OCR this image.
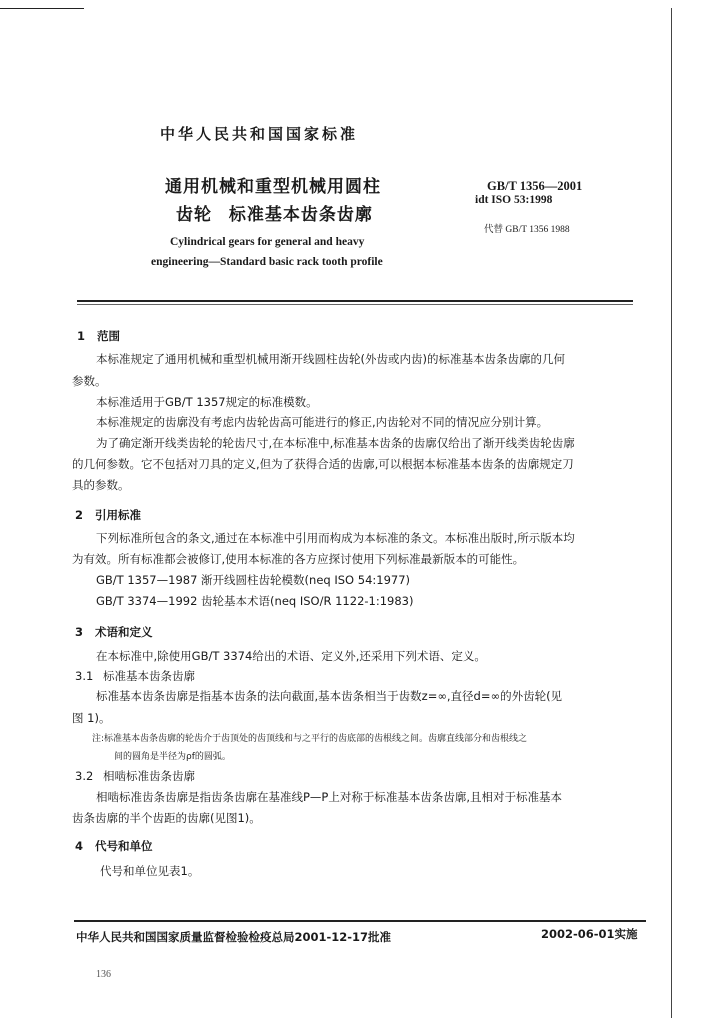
中华人民共和国国家标准
通用机械和重型机械用圆柱
齿轮 标准基本齿条齿廓
GB/T 1356—2001
idt ISO 53:1998
代替 GB/T 1356 1988
Cylindrical gears for general and heavy
engineering—Standard basic rack tooth profile
1 范围
本标准规定了通用机械和重型机械用渐开线圆柱齿轮(外齿或内齿)的标准基本齿条齿廓的几何
参数。
本标准适用于GB/T 1357规定的标准模数。
本标准规定的齿廓没有考虑内齿轮齿高可能进行的修正,内齿轮对不同的情况应分别计算。
为了确定渐开线类齿轮的轮齿尺寸,在本标准中,标准基本齿条的齿廓仅给出了渐开线类齿轮齿廓
的几何参数。它不包括对刀具的定义,但为了获得合适的齿廓,可以根据本标准基本齿条的齿廓规定刀
具的参数。
2 引用标准
下列标准所包含的条文,通过在本标准中引用而构成为本标准的条文。本标准出版时,所示版本均
为有效。所有标准都会被修订,使用本标准的各方应探讨使用下列标准最新版本的可能性。
GB/T 1357—1987 渐开线圆柱齿轮模数(neq ISO 54:1977)
GB/T 3374—1992 齿轮基本术语(neq ISO/R 1122-1:1983)
3 术语和定义
在本标准中,除使用GB/T 3374给出的术语、定义外,还采用下列术语、定义。
3.1 标准基本齿条齿廓
标准基本齿条齿廓是指基本齿条的法向截面,基本齿条相当于齿数z=∞,直径d=∞的外齿轮(见
图 1)。
注:标准基本齿条齿廓的轮齿介于齿顶处的齿顶线和与之平行的齿底部的齿根线之间。齿廓直线部分和齿根线之
间的圆角是半径为ρf的圆弧。
3.2 相啮标准齿条齿廓
相啮标准齿条齿廓是指齿条齿廓在基准线P—P上对称于标准基本齿条齿廓,且相对于标准基本
齿条齿廓的半个齿距的齿廓(见图1)。
4 代号和单位
代号和单位见表1。
中华人民共和国国家质量监督检验检疫总局2001-12-17批准	2002-06-01实施
136
